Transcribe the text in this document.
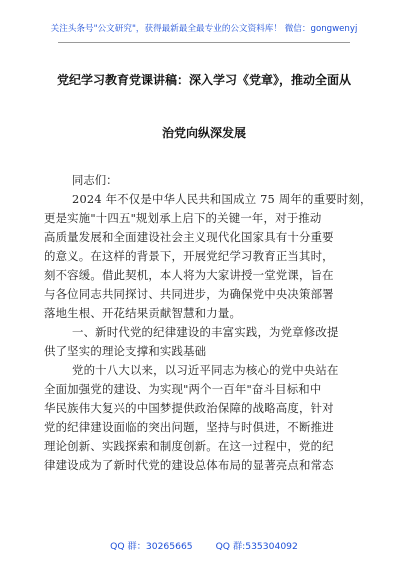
关注头条号"公文研究"，获得最新最全最专业的公文资料库！ 微信：gongwenyj
党纪学习教育党课讲稿：深入学习《党章》，推动全面从
治党向纵深发展
同志们：
2024 年不仅是中华人民共和国成立 75 周年的重要时刻，
更是实施"十四五"规划承上启下的关键一年，对于推动
高质量发展和全面建设社会主义现代化国家具有十分重要
的意义。在这样的背景下，开展党纪学习教育正当其时，
刻不容缓。借此契机，本人将为大家讲授一堂党课，旨在
与各位同志共同探讨、共同进步，为确保党中央决策部署
落地生根、开花结果贡献智慧和力量。
一、新时代党的纪律建设的丰富实践，为党章修改提
供了坚实的理论支撑和实践基础
党的十八大以来，以习近平同志为核心的党中央站在
全面加强党的建设、为实现"两个一百年"奋斗目标和中
华民族伟大复兴的中国梦提供政治保障的战略高度，针对
党的纪律建设面临的突出问题，坚持与时俱进，不断推进
理论创新、实践探索和制度创新。在这一过程中，党的纪
律建设成为了新时代党的建设总体布局的显著亮点和常态
QQ 群：30265665 QQ 群:535304092
